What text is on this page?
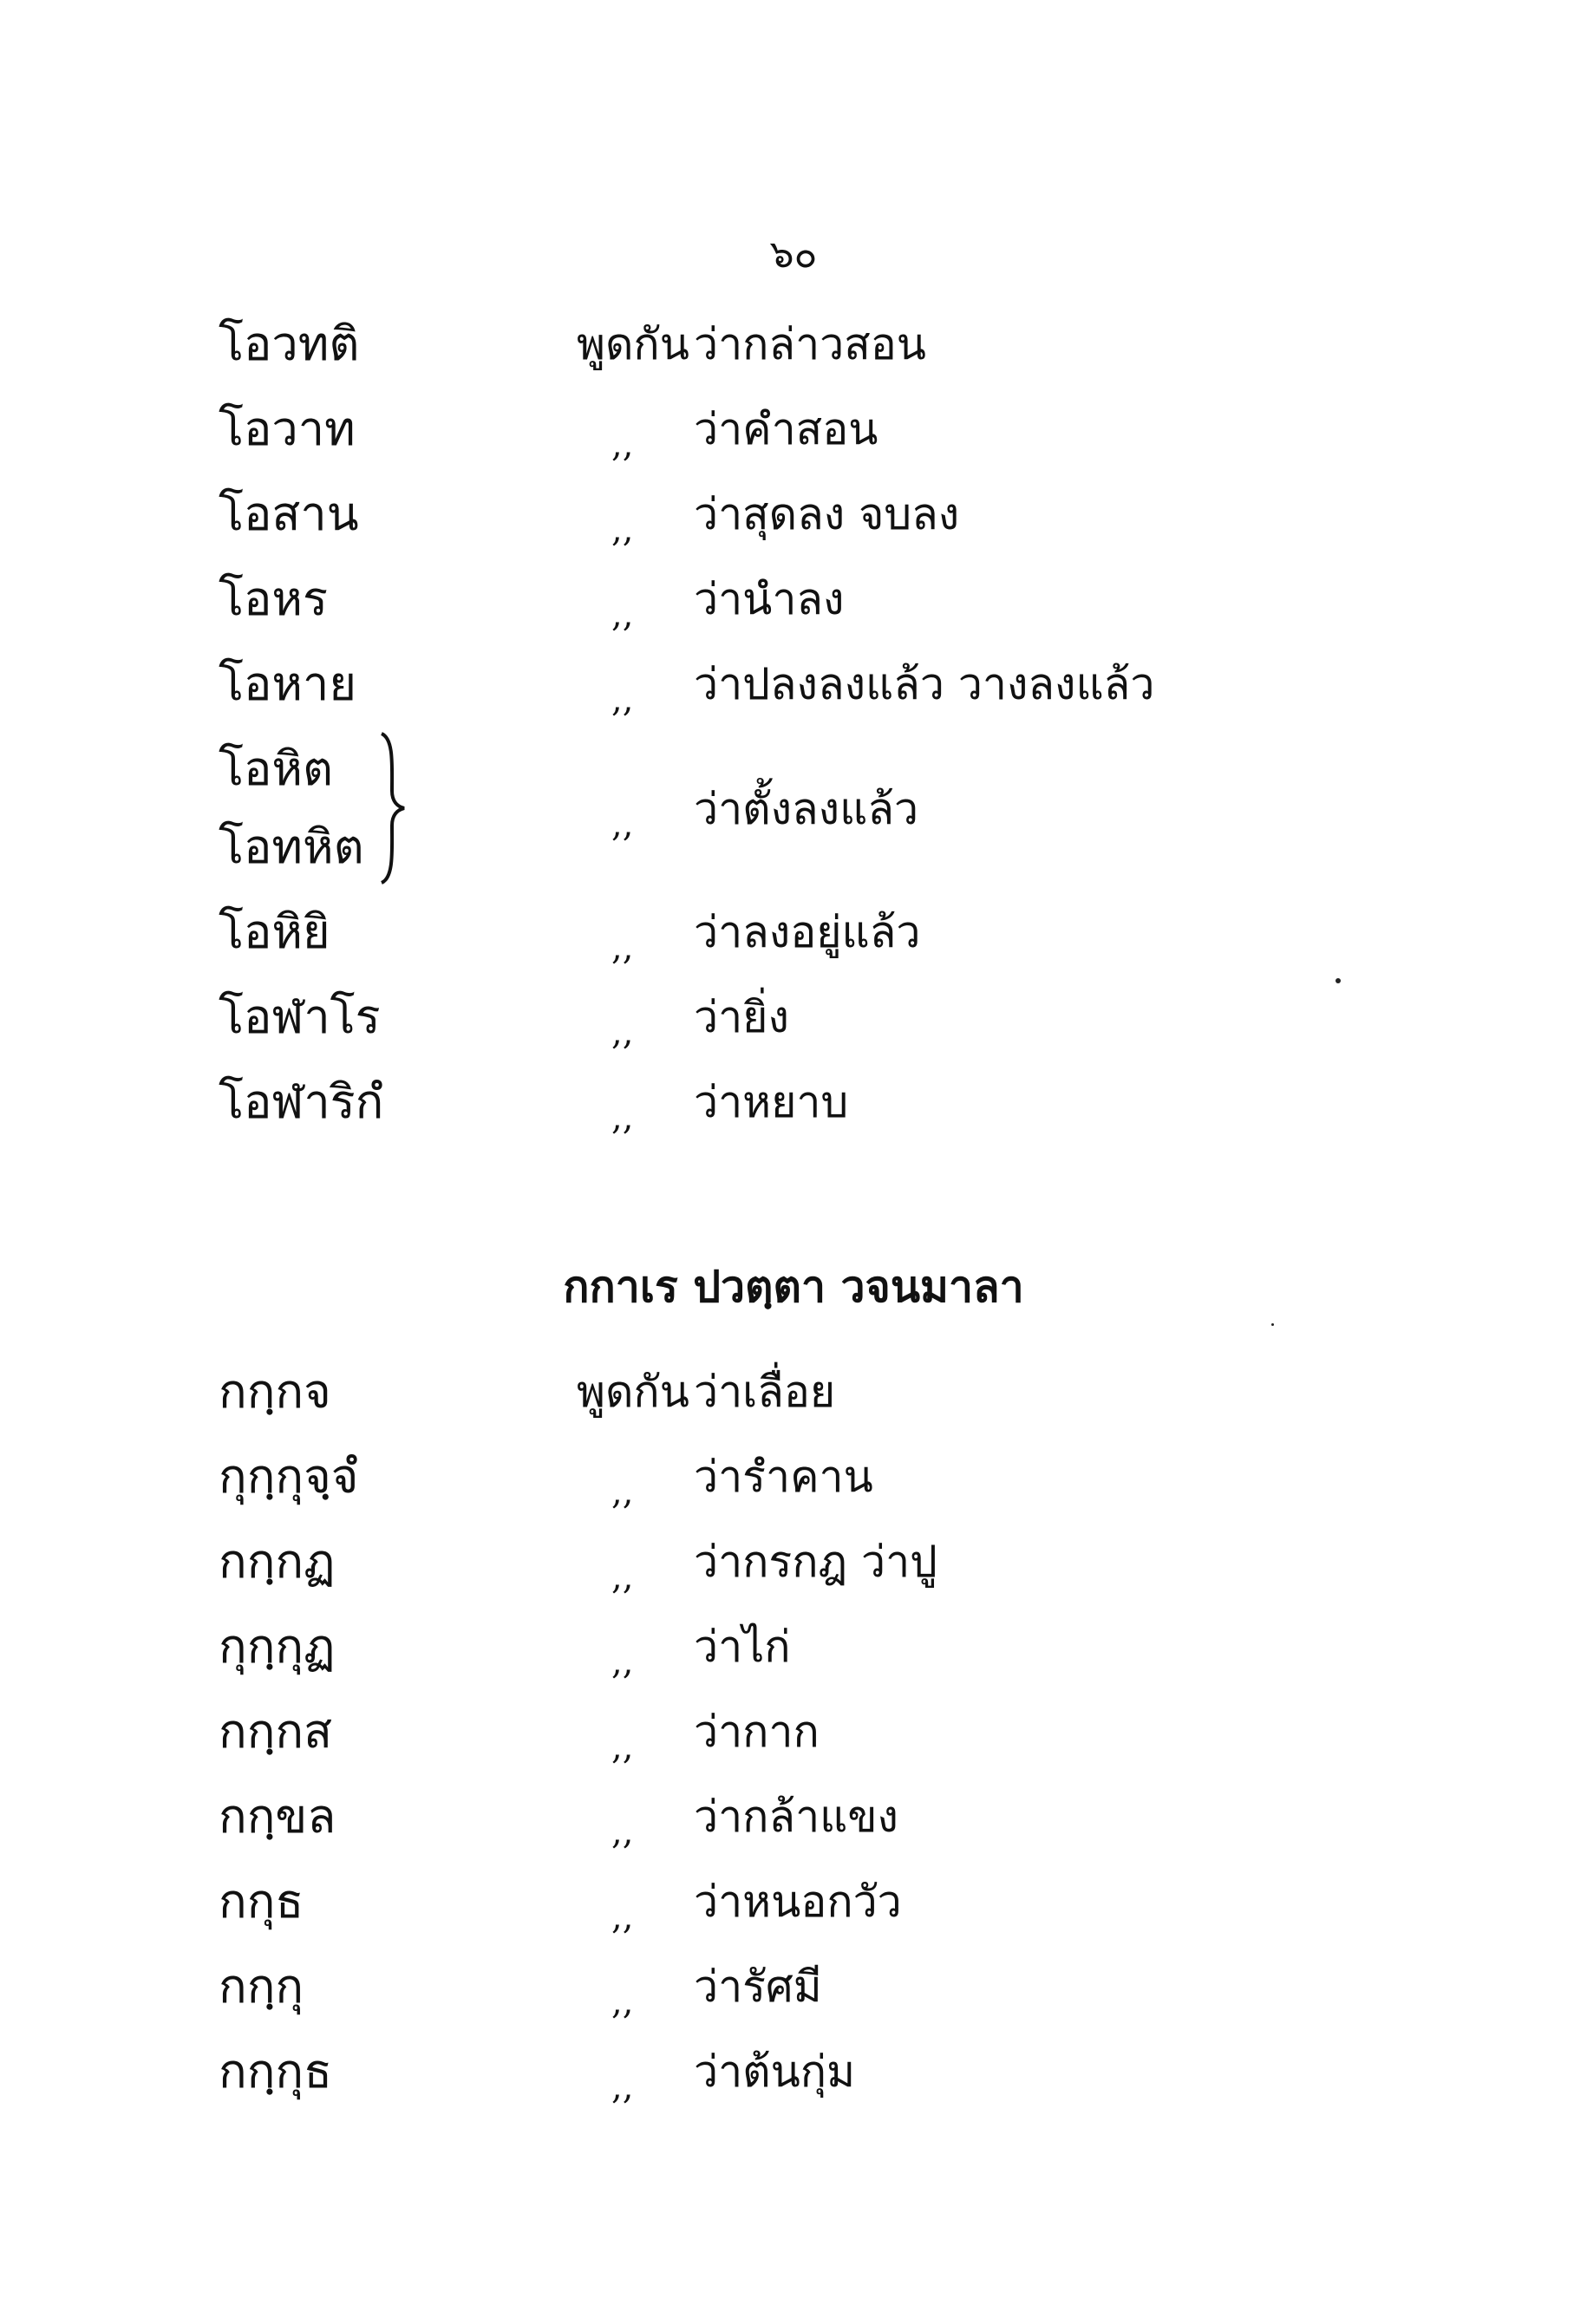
๖๐
โอวทติ	พูดกัน ว่ากล่าวสอน
โอวาท	,, ว่าคำสอน
โอสาน	,, ว่าสุดลง จบลง
โอหร	,, ว่านำลง
โอหาย	,, ว่าปลงลงแล้ว วางลงแล้ว
โอหิต
โอทหิต	,, ว่าตั้งลงแล้ว
โอหิยิ	,, ว่าลงอยู่แล้ว
โอฬาโร	,, ว่ายิ่ง
โอฬาริกํ	,, ว่าหยาบ
กกาเร ปวตฺตา วจนมาลา
กกฺกจ	พูดกัน ว่าเลื่อย
กุกฺกุจฺจํ	,, ว่ารำคาน
กกฺกฏ	,, ว่ากรกฎ ว่าปู
กุกฺกุฏ	,, ว่าไก่
กกฺกส	,, ว่ากาก
กกฺขล	,, ว่ากล้าแขง
กกุธ	,, ว่าหนอกวัว
กกฺกุ	,, ว่ารัศมี
กกฺกุธ	,, ว่าต้นกุ่ม
